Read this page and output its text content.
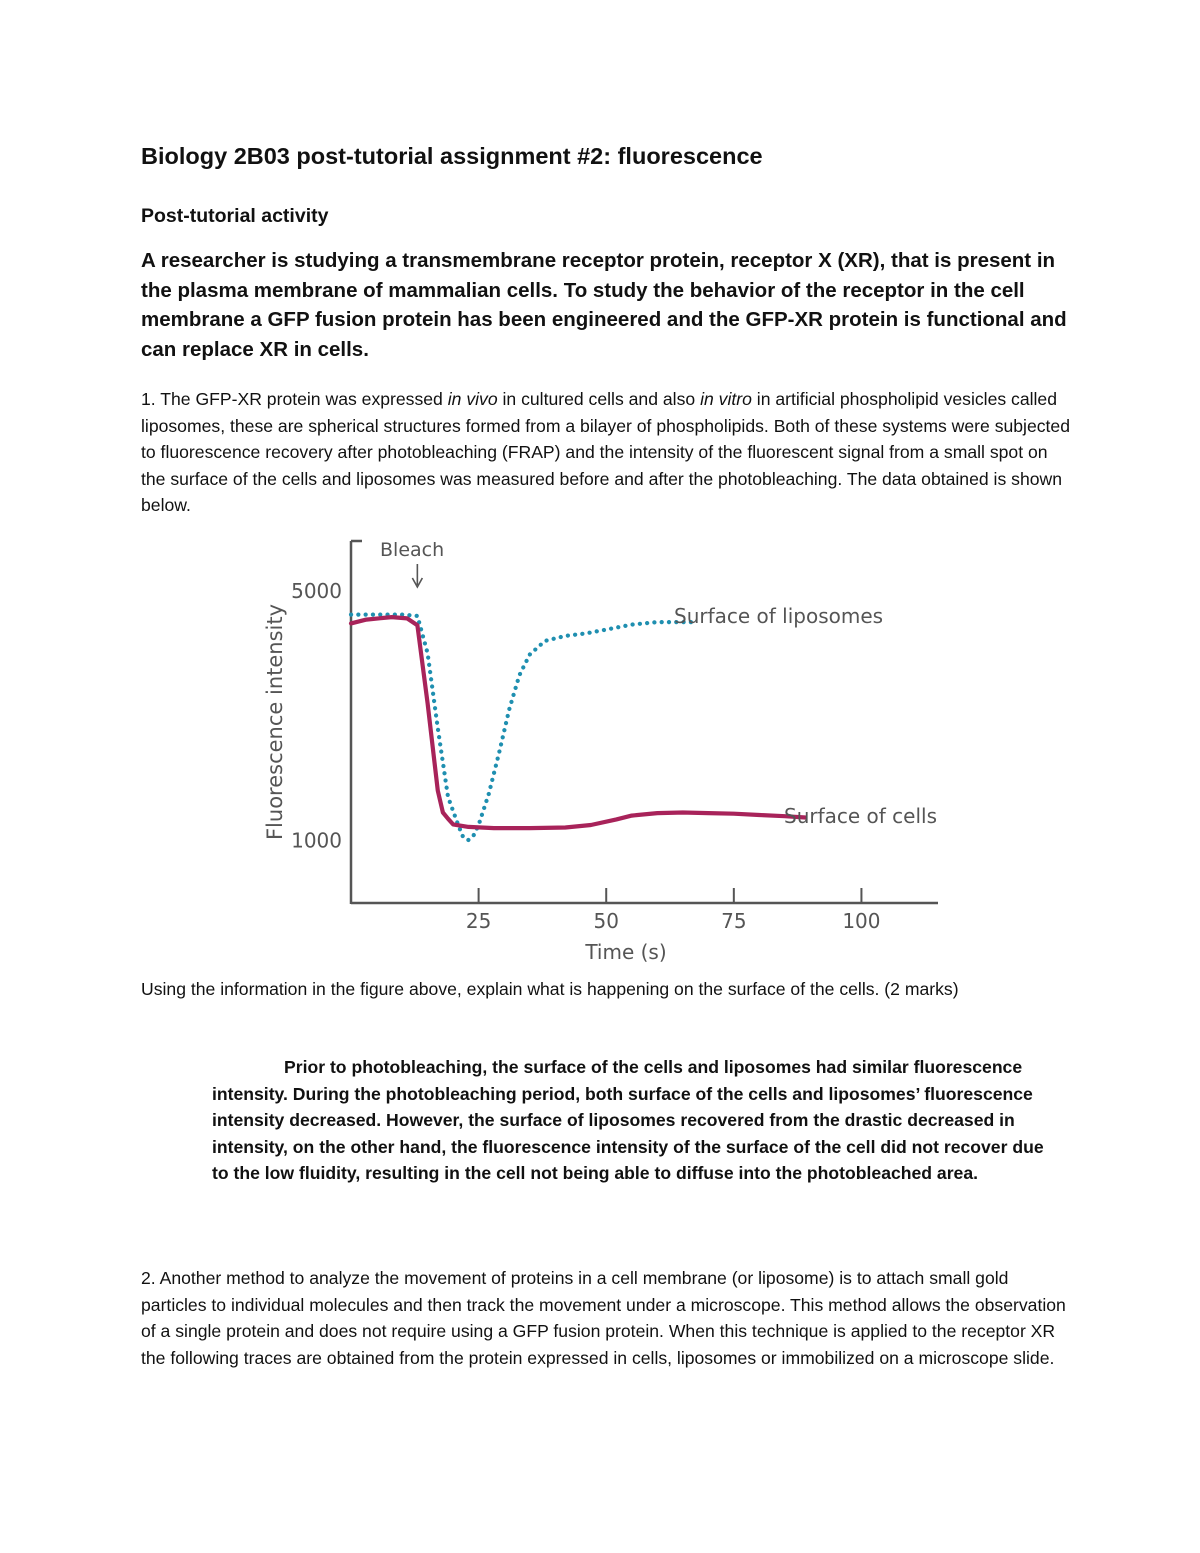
Biology 2B03 post-tutorial assignment #2: fluorescence
Post-tutorial activity
A researcher is studying a transmembrane receptor protein, receptor X (XR), that is present in the plasma membrane of mammalian cells. To study the behavior of the receptor in the cell membrane a GFP fusion protein has been engineered and the GFP-XR protein is functional and can replace XR in cells.
1. The GFP-XR protein was expressed in vivo in cultured cells and also in vitro in artificial phospholipid vesicles called liposomes, these are spherical structures formed from a bilayer of phospholipids. Both of these systems were subjected to fluorescence recovery after photobleaching (FRAP) and the intensity of the fluorescent signal from a small spot on the surface of the cells and liposomes was measured before and after the photobleaching. The data obtained is shown below.
Fluorescence intensity
Time (s)
25	50	75	100
1000
5000
Bleach
Surface of liposomes
Surface of cells
Using the information in the figure above, explain what is happening on the surface of the cells. (2 marks)
Prior to photobleaching, the surface of the cells and liposomes had similar fluorescence intensity. During the photobleaching period, both surface of the cells and liposomes’ fluorescence intensity decreased. However, the surface of liposomes recovered from the drastic decreased in intensity, on the other hand, the fluorescence intensity of the surface of the cell did not recover due to the low fluidity, resulting in the cell not being able to diffuse into the photobleached area.
2. Another method to analyze the movement of proteins in a cell membrane (or liposome) is to attach small gold particles to individual molecules and then track the movement under a microscope. This method allows the observation of a single protein and does not require using a GFP fusion protein. When this technique is applied to the receptor XR the following traces are obtained from the protein expressed in cells, liposomes or immobilized on a microscope slide.
